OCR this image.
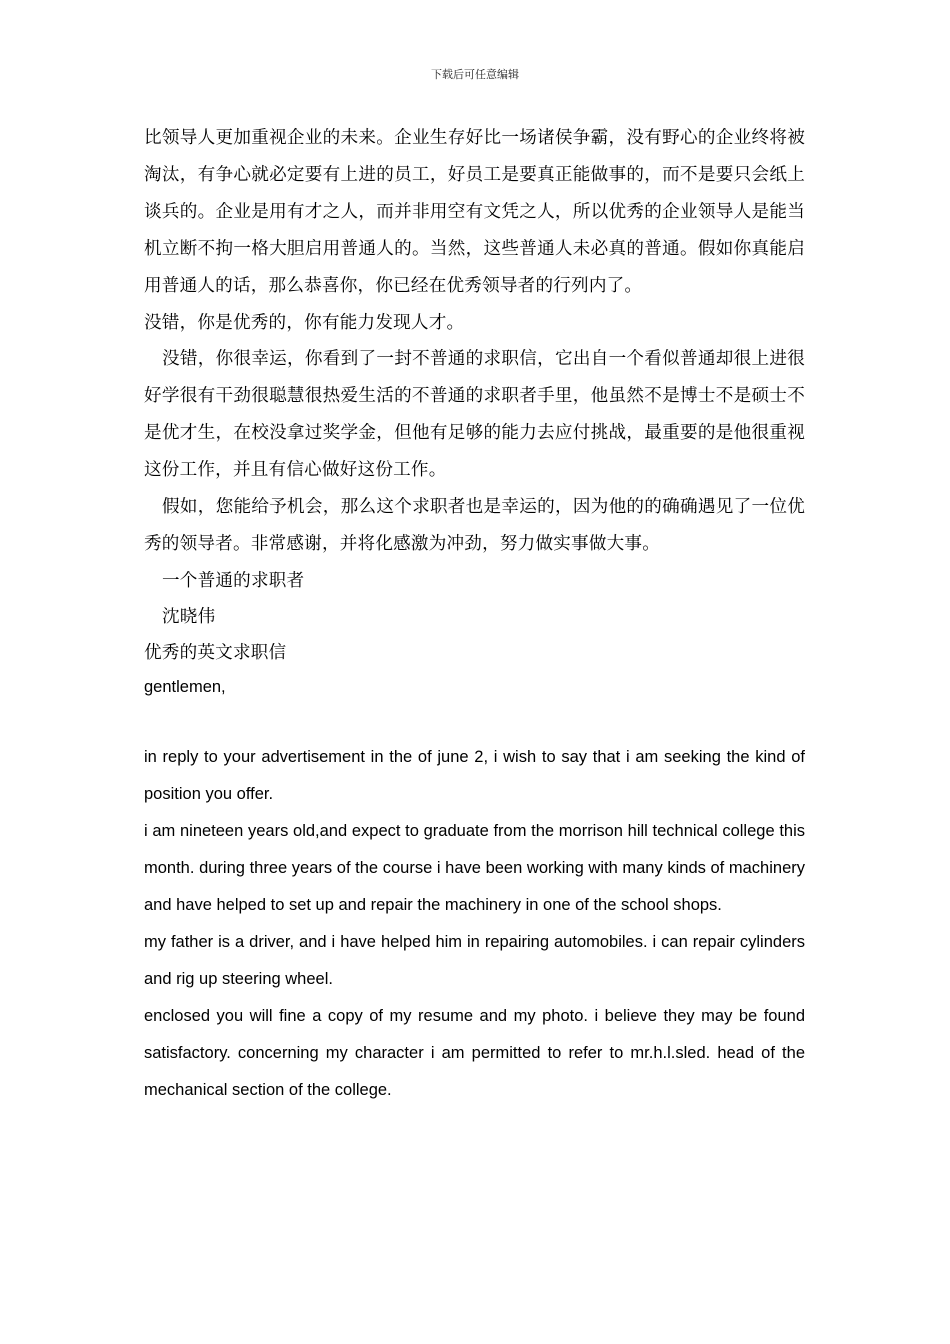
下载后可任意编辑

比领导人更加重视企业的未来。企业生存好比一场诸侯争霸，没有野心的企业终将被淘汰，有争心就必定要有上进的员工，好员工是要真正能做事的，而不是要只会纸上谈兵的。企业是用有才之人，而并非用空有文凭之人，所以优秀的企业领导人是能当机立断不拘一格大胆启用普通人的。当然，这些普通人未必真的普通。假如你真能启用普通人的话，那么恭喜你，你已经在优秀领导者的行列内了。

没错，你是优秀的，你有能力发现人才。

没错，你很幸运，你看到了一封不普通的求职信，它出自一个看似普通却很上进很好学很有干劲很聪慧很热爱生活的不普通的求职者手里，他虽然不是博士不是硕士不是优才生，在校没拿过奖学金，但他有足够的能力去应付挑战，最重要的是他很重视这份工作，并且有信心做好这份工作。

假如，您能给予机会，那么这个求职者也是幸运的，因为他的的确确遇见了一位优秀的领导者。非常感谢，并将化感激为冲劲，努力做实事做大事。

一个普通的求职者

沈晓伟

优秀的英文求职信

gentlemen,

in reply to your advertisement in the of june 2, i wish to say that i am seeking the kind of position you offer.

i am nineteen years old,and expect to graduate from the morrison hill technical college this month. during three years of the course i have been working with many kinds of machinery and have helped to set up and repair the machinery in one of the school shops.

my father is a driver, and i have helped him in repairing automobiles. i can repair cylinders and rig up steering wheel.

enclosed you will fine a copy of my resume and my photo. i believe they may be found satisfactory. concerning my character i am permitted to refer to mr.h.l.sled. head of the mechanical section of the college.
